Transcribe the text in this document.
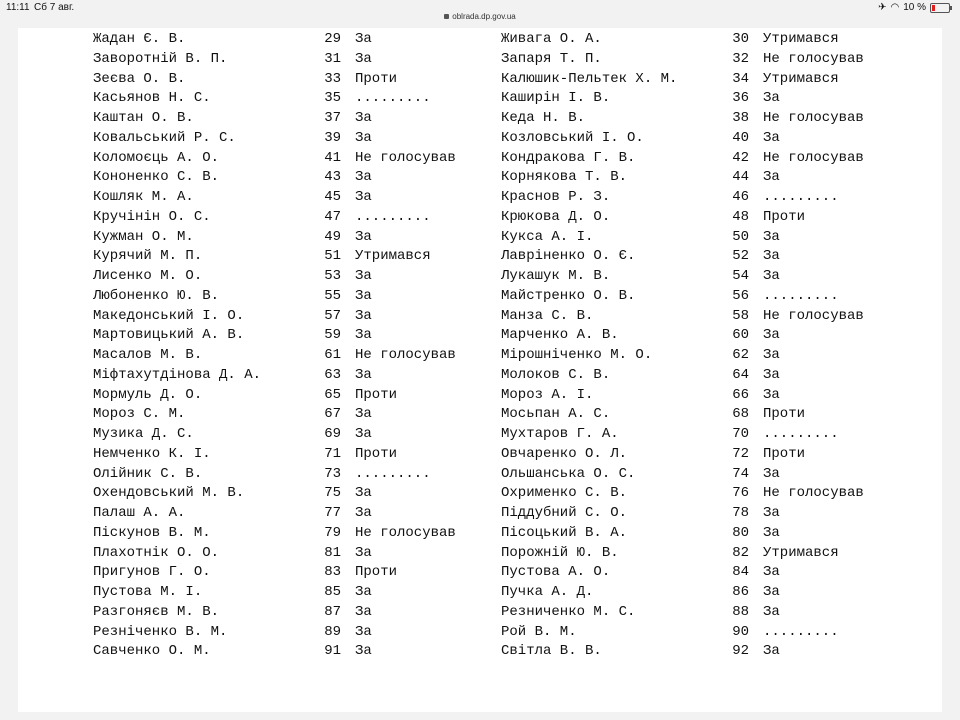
11:11 Сб 7 авг.	✈ ◠ 10 %
oblrada.dp.gov.ua
Жадан Є. В.	29 За
Заворотній В. П.	31 За
Зеєва О. В.	33 Проти
Касьянов Н. С.	35 .........
Каштан О. В.	37 За
Ковальський Р. С.	39 За
Коломоєць А. О.	41 Не голосував
Кононенко С. В.	43 За
Кошляк М. А.	45 За
Кручінін О. С.	47 .........
Кужман О. М.	49 За
Курячий М. П.	51 Утримався
Лисенко М. О.	53 За
Любоненко Ю. В.	55 За
Македонський І. О.	57 За
Мартовицький А. В.	59 За
Масалов М. В.	61 Не голосував
Міфтахутдінова Д. А.	63 За
Мормуль Д. О.	65 Проти
Мороз С. М.	67 За
Музика Д. С.	69 За
Немченко К. І.	71 Проти
Олійник С. В.	73 .........
Охендовський М. В.	75 За
Палаш А. А.	77 За
Піскунов В. М.	79 Не голосував
Плахотнік О. О.	81 За
Пригунов Г. О.	83 Проти
Пустова М. І.	85 За
Разгоняєв М. В.	87 За
Резніченко В. М.	89 За
Савченко О. М.	91 За
Живага О. А.	30 Утримався
Запаря Т. П.	32 Не голосував
Калюшик-Пельтек Х. М.	34 Утримався
Каширін І. В.	36 За
Кеда Н. В.	38 Не голосував
Козловський І. О.	40 За
Кондракова Г. В.	42 Не голосував
Корнякова Т. В.	44 За
Краснов Р. З.	46 .........
Крюкова Д. О.	48 Проти
Кукса А. І.	50 За
Лавріненко О. Є.	52 За
Лукашук М. В.	54 За
Майстренко О. В.	56 .........
Манза С. В.	58 Не голосував
Марченко А. В.	60 За
Мірошніченко М. О.	62 За
Молоков С. В.	64 За
Мороз А. І.	66 За
Мосьпан А. С.	68 Проти
Мухтаров Г. А.	70 .........
Овчаренко О. Л.	72 Проти
Ольшанська О. С.	74 За
Охрименко С. В.	76 Не голосував
Піддубний С. О.	78 За
Пісоцький В. А.	80 За
Порожній Ю. В.	82 Утримався
Пустова А. О.	84 За
Пучка А. Д.	86 За
Резниченко М. С.	88 За
Рой В. М.	90 .........
Світла В. В.	92 За
